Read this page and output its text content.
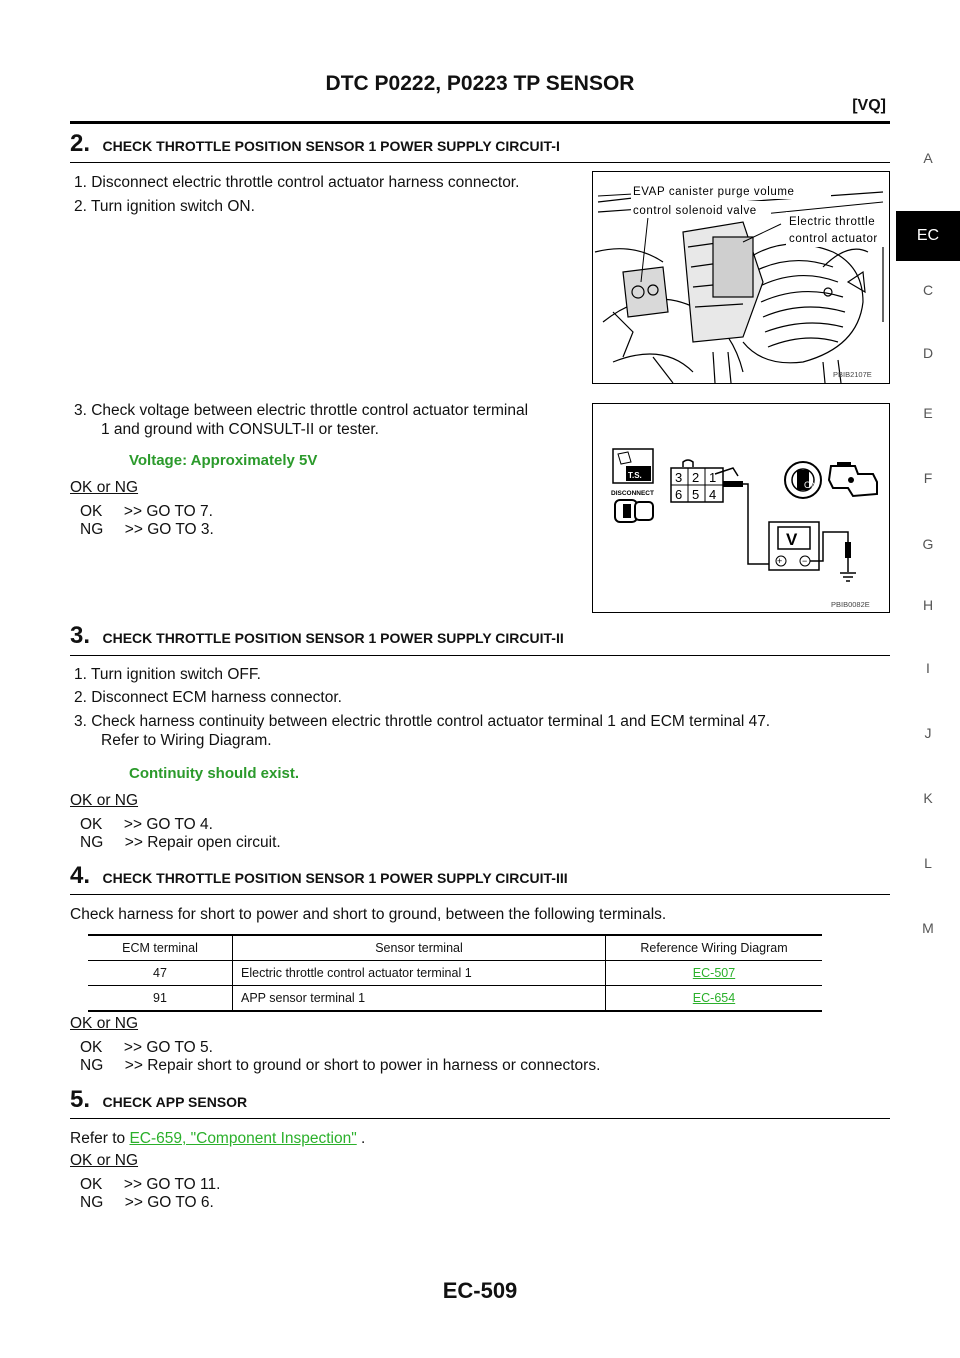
DTC P0222, P0223 TP SENSOR
[VQ]
A
EC
C
D
E
F
G
H
I
J
K
L
M
2. CHECK THROTTLE POSITION SENSOR 1 POWER SUPPLY CIRCUIT-I
1. Disconnect electric throttle control actuator harness connector.
2. Turn ignition switch ON.
EVAP canister purge volume
control solenoid valve
Electric throttle
control actuator
PBIB2107E
3. Check voltage between electric throttle control actuator terminal
1 and ground with CONSULT-II or tester.
Voltage: Approximately 5V
OK or NG
OK     >> GO TO 7.
NG     >> GO TO 3.
T.S.
DISCONNECT
3 2 1
6 5 4
V
+ −
ON
PBIB0082E
3. CHECK THROTTLE POSITION SENSOR 1 POWER SUPPLY CIRCUIT-II
1. Turn ignition switch OFF.
2. Disconnect ECM harness connector.
3. Check harness continuity between electric throttle control actuator terminal 1 and ECM terminal 47.
Refer to Wiring Diagram.
Continuity should exist.
OK or NG
OK     >> GO TO 4.
NG     >> Repair open circuit.
4. CHECK THROTTLE POSITION SENSOR 1 POWER SUPPLY CIRCUIT-III
Check harness for short to power and short to ground, between the following terminals.
ECM terminal	Sensor terminal	Reference Wiring Diagram
47	Electric throttle control actuator terminal 1	EC-507
91	APP sensor terminal 1	EC-654
OK or NG
OK     >> GO TO 5.
NG     >> Repair short to ground or short to power in harness or connectors.
5. CHECK APP SENSOR
Refer to EC-659, "Component Inspection" .
OK or NG
OK     >> GO TO 11.
NG     >> GO TO 6.
EC-509
